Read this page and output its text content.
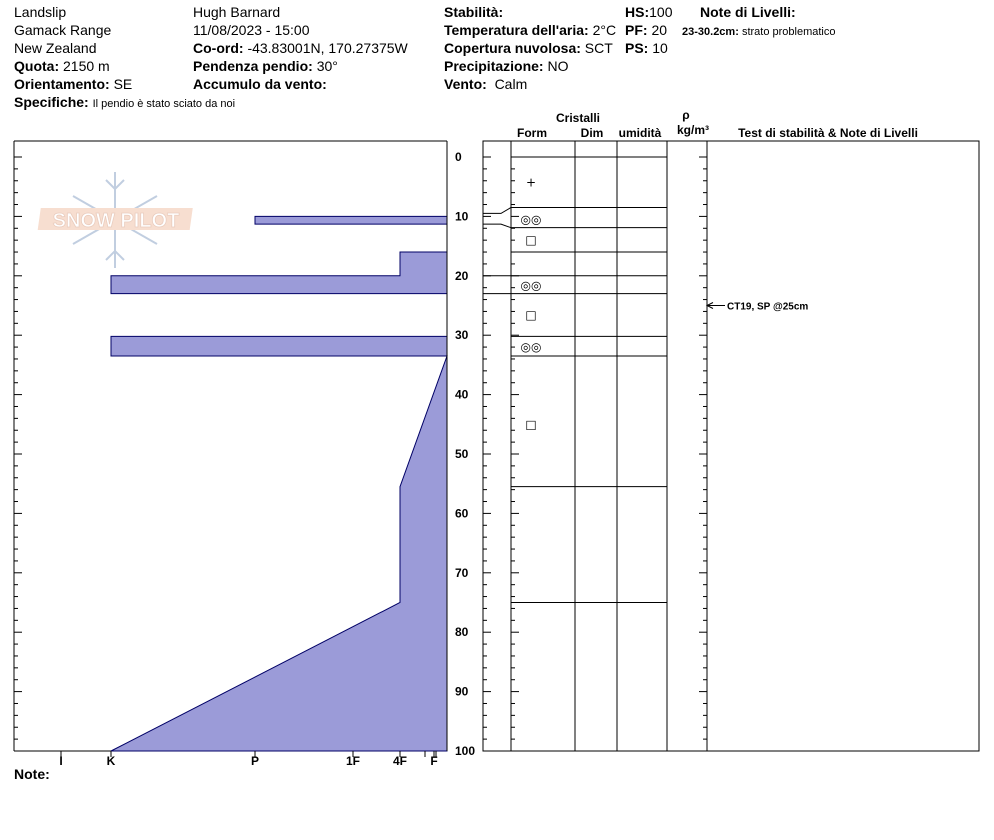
Landslip
Gamack Range
New Zealand
Quota: 2150 m
Orientamento: SE
Specifiche: Il pendio è stato sciato da noi
Hugh Barnard
11/08/2023 - 15:00
Co-ord: -43.83001N, 170.27375W
Pendenza pendio: 30°
Accumulo da vento:
Stabilità:
Temperatura dell'aria: 2°C
Copertura nuvolosa: SCT
Precipitazione: NO
Vento: Calm
HS:100
PF: 20
PS: 10
Note di Livelli:
23-30.2cm: strato problematico
Note:
SNOW PILOT
I	K	P	1F	4F F
0
10
20
30
40
50
60
70
80
90
100
Cristalli
Form	Dim umidità
ρ
kg/m³ Test di stabilità & Note di Livelli
+
◎◎
□
◎◎
□
◎◎
□
CT19, SP @25cm
